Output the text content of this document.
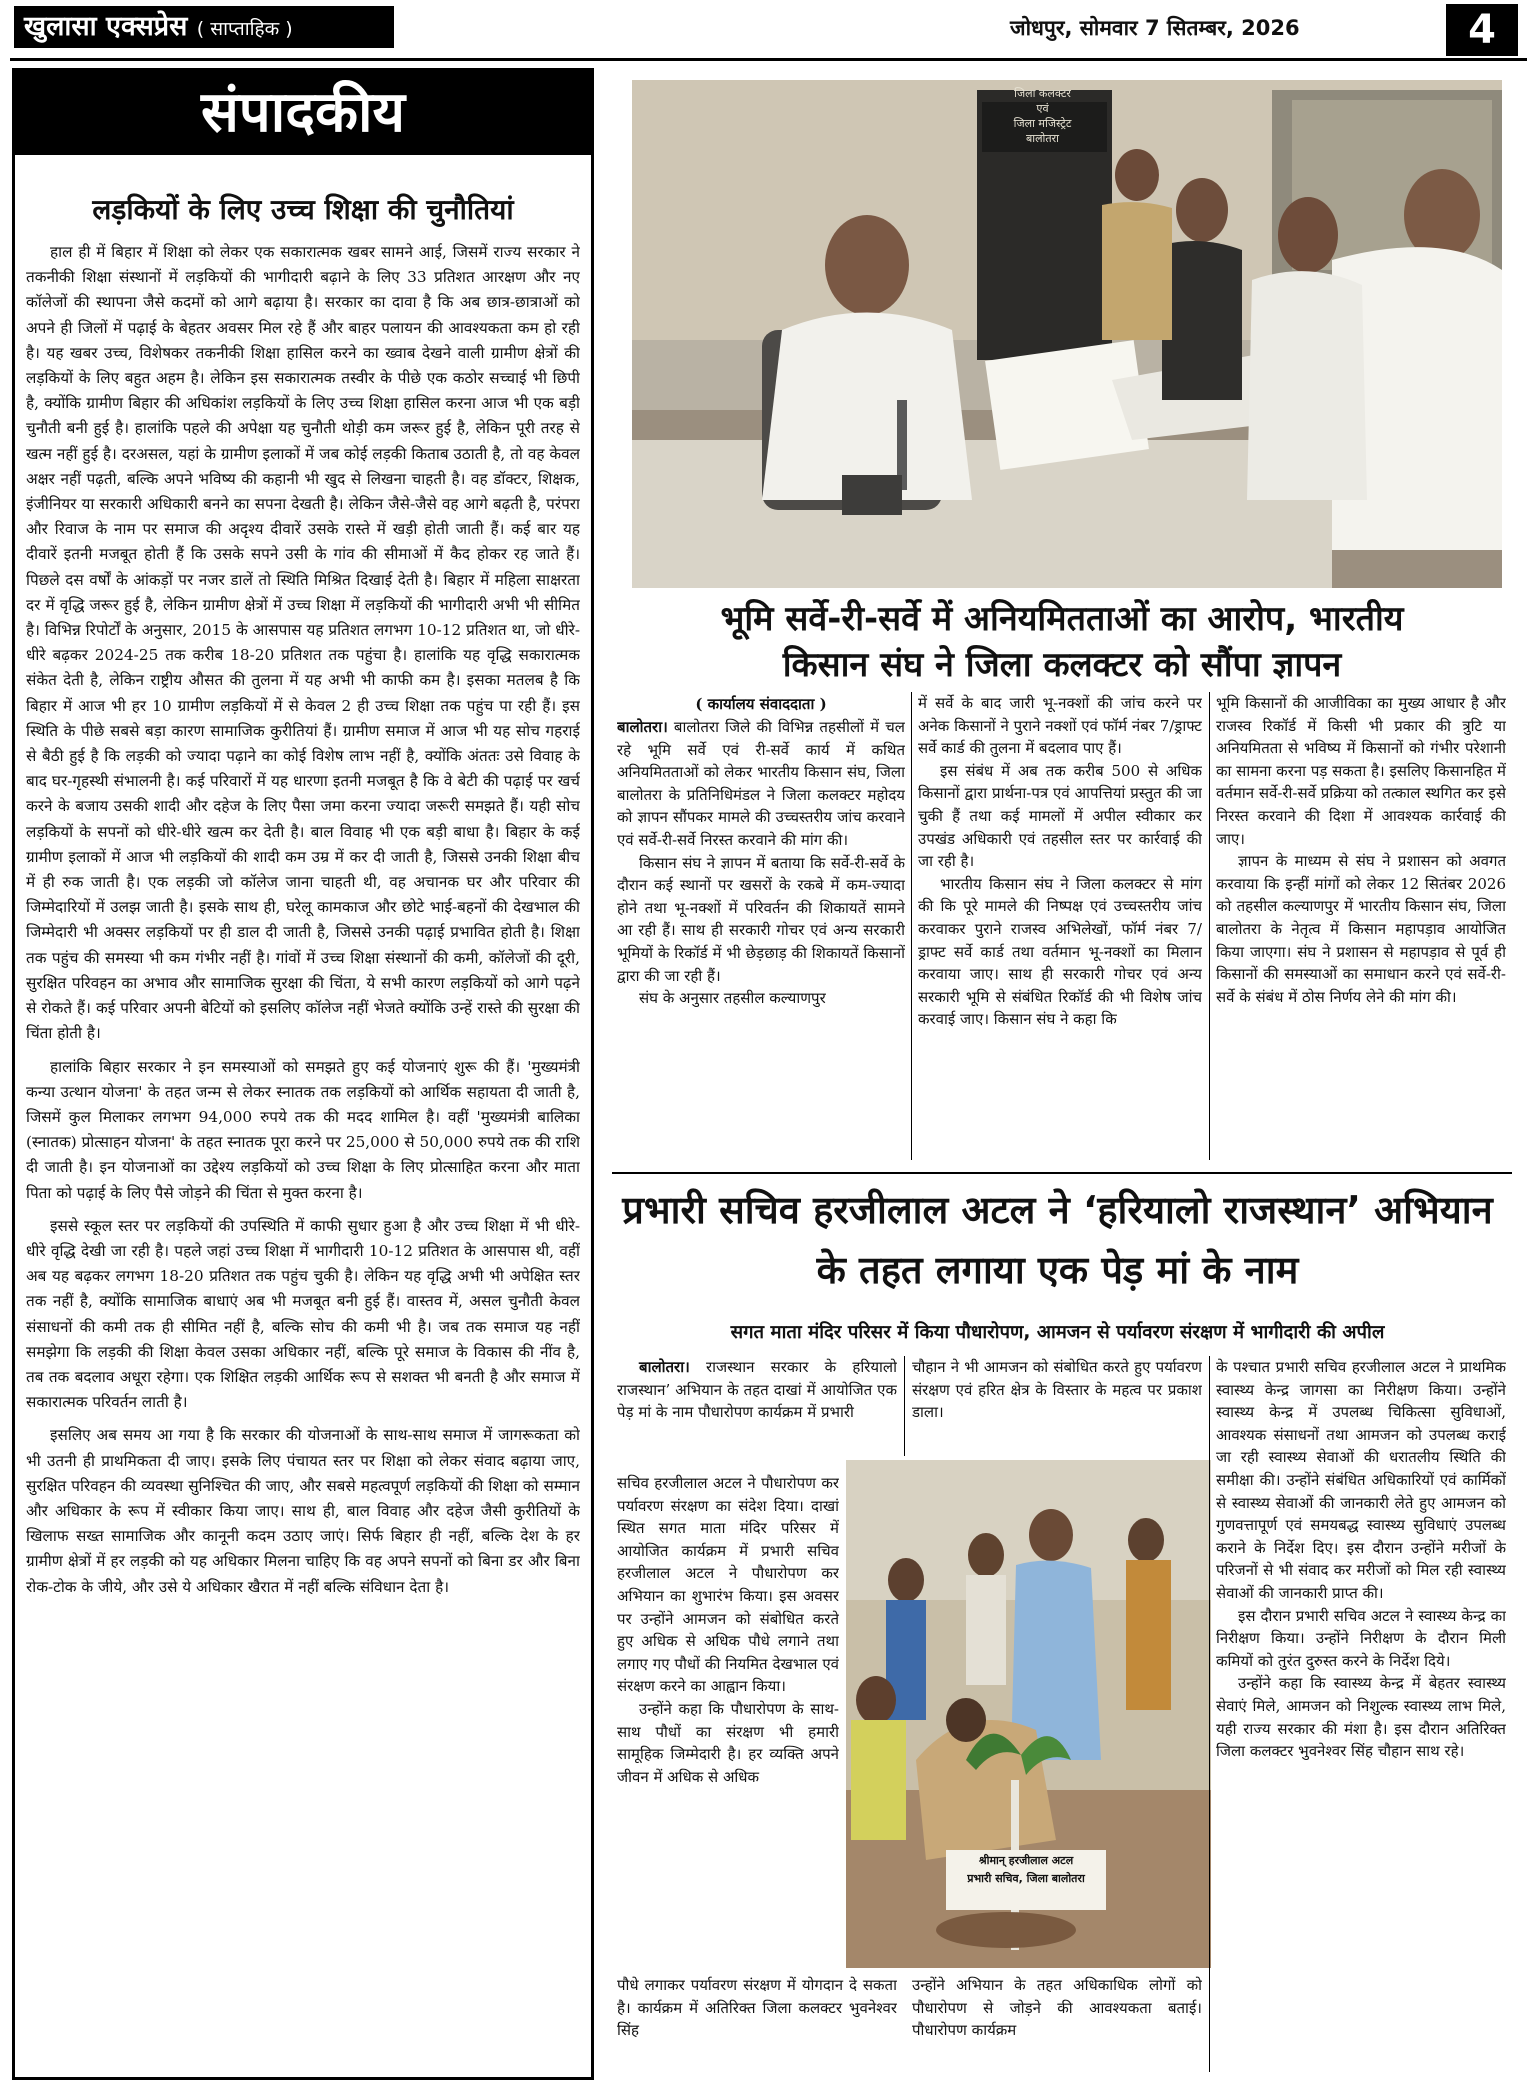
खुलासा एक्सप्रेस ( साप्ताहिक )	जोधपुर, सोमवार 7 सितम्बर, 2026	4
संपादकीय
लड़कियों के लिए उच्च शिक्षा की चुनौतियां

हाल ही में बिहार में शिक्षा को लेकर एक सकारात्मक खबर सामने आई, जिसमें राज्य सरकार ने तकनीकी शिक्षा संस्थानों में लड़कियों की भागीदारी बढ़ाने के लिए 33 प्रतिशत आरक्षण और नए कॉलेजों की स्थापना जैसे कदमों को आगे बढ़ाया है। सरकार का दावा है कि अब छात्र-छात्राओं को अपने ही जिलों में पढ़ाई के बेहतर अवसर मिल रहे हैं और बाहर पलायन की आवश्यकता कम हो रही है। यह खबर उच्च, विशेषकर तकनीकी शिक्षा हासिल करने का ख्वाब देखने वाली ग्रामीण क्षेत्रों की लड़कियों के लिए बहुत अहम है। लेकिन इस सकारात्मक तस्वीर के पीछे एक कठोर सच्चाई भी छिपी है, क्योंकि ग्रामीण बिहार की अधिकांश लड़कियों के लिए उच्च शिक्षा हासिल करना आज भी एक बड़ी चुनौती बनी हुई है। हालांकि पहले की अपेक्षा यह चुनौती थोड़ी कम जरूर हुई है, लेकिन पूरी तरह से खत्म नहीं हुई है। दरअसल, यहां के ग्रामीण इलाकों में जब कोई लड़की किताब उठाती है, तो वह केवल अक्षर नहीं पढ़ती, बल्कि अपने भविष्य की कहानी भी खुद से लिखना चाहती है। वह डॉक्टर, शिक्षक, इंजीनियर या सरकारी अधिकारी बनने का सपना देखती है। लेकिन जैसे-जैसे वह आगे बढ़ती है, परंपरा और रिवाज के नाम पर समाज की अदृश्य दीवारें उसके रास्ते में खड़ी होती जाती हैं। कई बार यह दीवारें इतनी मजबूत होती हैं कि उसके सपने उसी के गांव की सीमाओं में कैद होकर रह जाते हैं। पिछले दस वर्षों के आंकड़ों पर नजर डालें तो स्थिति मिश्रित दिखाई देती है। बिहार में महिला साक्षरता दर में वृद्धि जरूर हुई है, लेकिन ग्रामीण क्षेत्रों में उच्च शिक्षा में लड़कियों की भागीदारी अभी भी सीमित है। विभिन्न रिपोर्टों के अनुसार, 2015 के आसपास यह प्रतिशत लगभग 10-12 प्रतिशत था, जो धीरे-धीरे बढ़कर 2024-25 तक करीब 18-20 प्रतिशत तक पहुंचा है। हालांकि यह वृद्धि सकारात्मक संकेत देती है, लेकिन राष्ट्रीय औसत की तुलना में यह अभी भी काफी कम है। इसका मतलब है कि बिहार में आज भी हर 10 ग्रामीण लड़कियों में से केवल 2 ही उच्च शिक्षा तक पहुंच पा रही हैं। इस स्थिति के पीछे सबसे बड़ा कारण सामाजिक कुरीतियां हैं। ग्रामीण समाज में आज भी यह सोच गहराई से बैठी हुई है कि लड़की को ज्यादा पढ़ाने का कोई विशेष लाभ नहीं है, क्योंकि अंततः उसे विवाह के बाद घर-गृहस्थी संभालनी है। कई परिवारों में यह धारणा इतनी मजबूत है कि वे बेटी की पढ़ाई पर खर्च करने के बजाय उसकी शादी और दहेज के लिए पैसा जमा करना ज्यादा जरूरी समझते हैं। यही सोच लड़कियों के सपनों को धीरे-धीरे खत्म कर देती है। बाल विवाह भी एक बड़ी बाधा है। बिहार के कई ग्रामीण इलाकों में आज भी लड़कियों की शादी कम उम्र में कर दी जाती है, जिससे उनकी शिक्षा बीच में ही रुक जाती है। एक लड़की जो कॉलेज जाना चाहती थी, वह अचानक घर और परिवार की जिम्मेदारियों में उलझ जाती है। इसके साथ ही, घरेलू कामकाज और छोटे भाई-बहनों की देखभाल की जिम्मेदारी भी अक्सर लड़कियों पर ही डाल दी जाती है, जिससे उनकी पढ़ाई प्रभावित होती है। शिक्षा तक पहुंच की समस्या भी कम गंभीर नहीं है। गांवों में उच्च शिक्षा संस्थानों की कमी, कॉलेजों की दूरी, सुरक्षित परिवहन का अभाव और सामाजिक सुरक्षा की चिंता, ये सभी कारण लड़कियों को आगे पढ़ने से रोकते हैं। कई परिवार अपनी बेटियों को इसलिए कॉलेज नहीं भेजते क्योंकि उन्हें रास्ते की सुरक्षा की चिंता होती है।

हालांकि बिहार सरकार ने इन समस्याओं को समझते हुए कई योजनाएं शुरू की हैं। 'मुख्यमंत्री कन्या उत्थान योजना' के तहत जन्म से लेकर स्नातक तक लड़कियों को आर्थिक सहायता दी जाती है, जिसमें कुल मिलाकर लगभग 94,000 रुपये तक की मदद शामिल है। वहीं 'मुख्यमंत्री बालिका (स्नातक) प्रोत्साहन योजना' के तहत स्नातक पूरा करने पर 25,000 से 50,000 रुपये तक की राशि दी जाती है। इन योजनाओं का उद्देश्य लड़कियों को उच्च शिक्षा के लिए प्रोत्साहित करना और माता पिता को पढ़ाई के लिए पैसे जोड़ने की चिंता से मुक्त करना है।

इससे स्कूल स्तर पर लड़कियों की उपस्थिति में काफी सुधार हुआ है और उच्च शिक्षा में भी धीरे-धीरे वृद्धि देखी जा रही है। पहले जहां उच्च शिक्षा में भागीदारी 10-12 प्रतिशत के आसपास थी, वहीं अब यह बढ़कर लगभग 18-20 प्रतिशत तक पहुंच चुकी है। लेकिन यह वृद्धि अभी भी अपेक्षित स्तर तक नहीं है, क्योंकि सामाजिक बाधाएं अब भी मजबूत बनी हुई हैं। वास्तव में, असल चुनौती केवल संसाधनों की कमी तक ही सीमित नहीं है, बल्कि सोच की कमी भी है। जब तक समाज यह नहीं समझेगा कि लड़की की शिक्षा केवल उसका अधिकार नहीं, बल्कि पूरे समाज के विकास की नींव है, तब तक बदलाव अधूरा रहेगा। एक शिक्षित लड़की आर्थिक रूप से सशक्त भी बनती है और समाज में सकारात्मक परिवर्तन लाती है।

इसलिए अब समय आ गया है कि सरकार की योजनाओं के साथ-साथ समाज में जागरूकता को भी उतनी ही प्राथमिकता दी जाए। इसके लिए पंचायत स्तर पर शिक्षा को लेकर संवाद बढ़ाया जाए, सुरक्षित परिवहन की व्यवस्था सुनिश्चित की जाए, और सबसे महत्वपूर्ण लड़कियों की शिक्षा को सम्मान और अधिकार के रूप में स्वीकार किया जाए। साथ ही, बाल विवाह और दहेज जैसी कुरीतियों के खिलाफ सख्त सामाजिक और कानूनी कदम उठाए जाएं। सिर्फ बिहार ही नहीं, बल्कि देश के हर ग्रामीण क्षेत्रों में हर लड़की को यह अधिकार मिलना चाहिए कि वह अपने सपनों को बिना डर और बिना रोक-टोक के जीये, और उसे ये अधिकार खैरात में नहीं बल्कि संविधान देता है।

जिला कलक्टर
एवं
जिला मजिस्ट्रेट
बालोतरा
भूमि सर्वे-री-सर्वे में अनियमितताओं का आरोप, भारतीय
किसान संघ ने जिला कलक्टर को सौंपा ज्ञापन
( कार्यालय संवाददाता )

बालोतरा। बालोतरा जिले की विभिन्न तहसीलों में चल रहे भूमि सर्वे एवं री-सर्वे कार्य में कथित अनियमितताओं को लेकर भारतीय किसान संघ, जिला बालोतरा के प्रतिनिधिमंडल ने जिला कलक्टर महोदय को ज्ञापन सौंपकर मामले की उच्चस्तरीय जांच करवाने एवं सर्वे-री-सर्वे निरस्त करवाने की मांग की।

किसान संघ ने ज्ञापन में बताया कि सर्वे-री-सर्वे के दौरान कई स्थानों पर खसरों के रकबे में कम-ज्यादा होने तथा भू-नक्शों में परिवर्तन की शिकायतें सामने आ रही हैं। साथ ही सरकारी गोचर एवं अन्य सरकारी भूमियों के रिकॉर्ड में भी छेड़छाड़ की शिकायतें किसानों द्वारा की जा रही हैं।

संघ के अनुसार तहसील कल्याणपुर

में सर्वे के बाद जारी भू-नक्शों की जांच करने पर अनेक किसानों ने पुराने नक्शों एवं फॉर्म नंबर 7/ड्राफ्ट सर्वे कार्ड की तुलना में बदलाव पाए हैं।

इस संबंध में अब तक करीब 500 से अधिक किसानों द्वारा प्रार्थना-पत्र एवं आपत्तियां प्रस्तुत की जा चुकी हैं तथा कई मामलों में अपील स्वीकार कर उपखंड अधिकारी एवं तहसील स्तर पर कार्रवाई की जा रही है।

भारतीय किसान संघ ने जिला कलक्टर से मांग की कि पूरे मामले की निष्पक्ष एवं उच्चस्तरीय जांच करवाकर पुराने राजस्व अभिलेखों, फॉर्म नंबर 7/ड्राफ्ट सर्वे कार्ड तथा वर्तमान भू-नक्शों का मिलान करवाया जाए। साथ ही सरकारी गोचर एवं अन्य सरकारी भूमि से संबंधित रिकॉर्ड की भी विशेष जांच करवाई जाए। किसान संघ ने कहा कि

भूमि किसानों की आजीविका का मुख्य आधार है और राजस्व रिकॉर्ड में किसी भी प्रकार की त्रुटि या अनियमितता से भविष्य में किसानों को गंभीर परेशानी का सामना करना पड़ सकता है। इसलिए किसानहित में वर्तमान सर्वे-री-सर्वे प्रक्रिया को तत्काल स्थगित कर इसे निरस्त करवाने की दिशा में आवश्यक कार्रवाई की जाए।

ज्ञापन के माध्यम से संघ ने प्रशासन को अवगत करवाया कि इन्हीं मांगों को लेकर 12 सितंबर 2026 को तहसील कल्याणपुर में भारतीय किसान संघ, जिला बालोतरा के नेतृत्व में किसान महापड़ाव आयोजित किया जाएगा। संघ ने प्रशासन से महापड़ाव से पूर्व ही किसानों की समस्याओं का समाधान करने एवं सर्वे-री-सर्वे के संबंध में ठोस निर्णय लेने की मांग की।

प्रभारी सचिव हरजीलाल अटल ने ‘हरियालो राजस्थान’ अभियान
के तहत लगाया एक पेड़ मां के नाम
सगत माता मंदिर परिसर में किया पौधारोपण, आमजन से पर्यावरण संरक्षण में भागीदारी की अपील

बालोतरा। राजस्थान सरकार के हरियालो राजस्थान’ अभियान के तहत दाखां में आयोजित एक पेड़ मां के नाम पौधारोपण कार्यक्रम में प्रभारी

सचिव हरजीलाल अटल ने पौधारोपण कर पर्यावरण संरक्षण का संदेश दिया। दाखां स्थित सगत माता मंदिर परिसर में आयोजित कार्यक्रम में प्रभारी सचिव हरजीलाल अटल ने पौधारोपण कर अभियान का शुभारंभ किया। इस अवसर पर उन्होंने आमजन को संबोधित करते हुए अधिक से अधिक पौधे लगाने तथा लगाए गए पौधों की नियमित देखभाल एवं संरक्षण करने का आह्वान किया।

उन्होंने कहा कि पौधारोपण के साथ-साथ पौधों का संरक्षण भी हमारी सामूहिक जिम्मेदारी है। हर व्यक्ति अपने जीवन में अधिक से अधिक

पौधे लगाकर पर्यावरण संरक्षण में योगदान दे सकता है। कार्यक्रम में अतिरिक्त जिला कलक्टर भुवनेश्वर सिंह
चौहान ने भी आमजन को संबोधित करते हुए पर्यावरण संरक्षण एवं हरित क्षेत्र के विस्तार के महत्व पर प्रकाश डाला।
उन्होंने अभियान के तहत अधिकाधिक लोगों को पौधारोपण से जोड़ने की आवश्यकता बताई। पौधारोपण कार्यक्रम
श्रीमान् हरजीलाल अटल
प्रभारी सचिव, जिला बालोतरा

के पश्चात प्रभारी सचिव हरजीलाल अटल ने प्राथमिक स्वास्थ्य केन्द्र जागसा का निरीक्षण किया। उन्होंने स्वास्थ्य केन्द्र में उपलब्ध चिकित्सा सुविधाओं, आवश्यक संसाधनों तथा आमजन को उपलब्ध कराई जा रही स्वास्थ्य सेवाओं की धरातलीय स्थिति की समीक्षा की। उन्होंने संबंधित अधिकारियों एवं कार्मिकों से स्वास्थ्य सेवाओं की जानकारी लेते हुए आमजन को गुणवत्तापूर्ण एवं समयबद्ध स्वास्थ्य सुविधाएं उपलब्ध कराने के निर्देश दिए। इस दौरान उन्होंने मरीजों के परिजनों से भी संवाद कर मरीजों को मिल रही स्वास्थ्य सेवाओं की जानकारी प्राप्त की।

इस दौरान प्रभारी सचिव अटल ने स्वास्थ्य केन्द्र का निरीक्षण किया। उन्होंने निरीक्षण के दौरान मिली कमियों को तुरंत दुरुस्त करने के निर्देश दिये।

उन्होंने कहा कि स्वास्थ्य केन्द्र में बेहतर स्वास्थ्य सेवाएं मिले, आमजन को निशुल्क स्वास्थ्य लाभ मिले, यही राज्य सरकार की मंशा है। इस दौरान अतिरिक्त जिला कलक्टर भुवनेश्वर सिंह चौहान साथ रहे।
